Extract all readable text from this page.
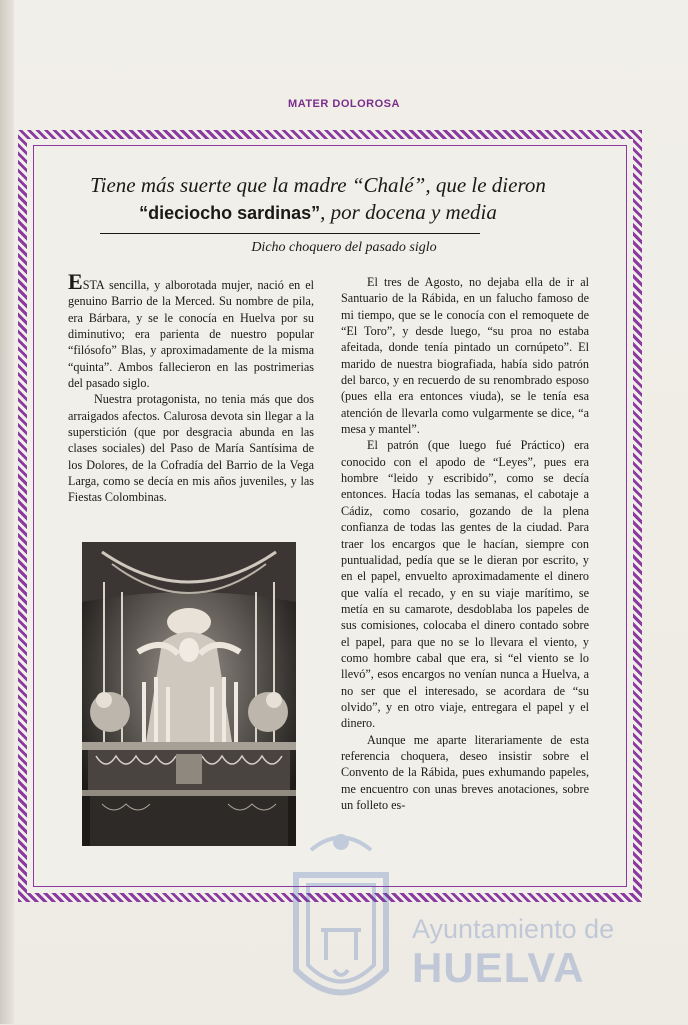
MATER DOLOROSA
Tiene más suerte que la madre “Chalé”, que le dieron “dieciocho sardinas”, por docena y media
Dicho choquero del pasado siglo

ESTA sencilla, y alborotada mujer, nació en el genuino Barrio de la Merced. Su nombre de pila, era Bárbara, y se le conocía en Huelva por su diminutivo; era parienta de nuestro popular “filósofo” Blas, y aproximadamente de la misma “quinta”. Ambos fallecieron en las postrimerias del pasado siglo.

Nuestra protagonista, no tenia más que dos arraigados afectos. Calurosa devota sin llegar a la superstición (que por desgracia abunda en las clases sociales) del Paso de María Santísima de los Dolores, de la Cofradía del Barrio de la Vega Larga, como se decía en mis años juveniles, y las Fiestas Colombinas.

El tres de Agosto, no dejaba ella de ir al Santuario de la Rábida, en un falucho famoso de mi tiempo, que se le conocía con el remoquete de “El Toro”, y desde luego, “su proa no estaba afeitada, donde tenía pintado un cornúpeto”. El marido de nuestra biografiada, había sido patrón del barco, y en recuerdo de su renombrado esposo (pues ella era entonces viuda), se le tenía esa atención de llevarla como vulgarmente se dice, “a mesa y mantel”.

El patrón (que luego fué Práctico) era conocido con el apodo de “Leyes”, pues era hombre “leido y escribido”, como se decía entonces. Hacía todas las semanas, el cabotaje a Cádiz, como cosario, gozando de la plena confianza de todas las gentes de la ciudad. Para traer los encargos que le hacían, siempre con puntualidad, pedía que se le dieran por escrito, y en el papel, envuelto aproximadamente el dinero que valía el recado, y en su viaje marítimo, se metía en su camarote, desdoblaba los papeles de sus comisiones, colocaba el dinero contado sobre el papel, para que no se lo llevara el viento, y como hombre cabal que era, si “el viento se lo llevó”, esos encargos no venían nunca a Huelva, a no ser que el interesado, se acordara de “su olvido”, y en otro viaje, entregara el papel y el dinero.

Aunque me aparte literariamente de esta referencia choquera, deseo insistir sobre el Convento de la Rábida, pues exhumando papeles, me encuentro con unas breves anotaciones, sobre un folleto es-

Ayuntamiento de
HUELVA
